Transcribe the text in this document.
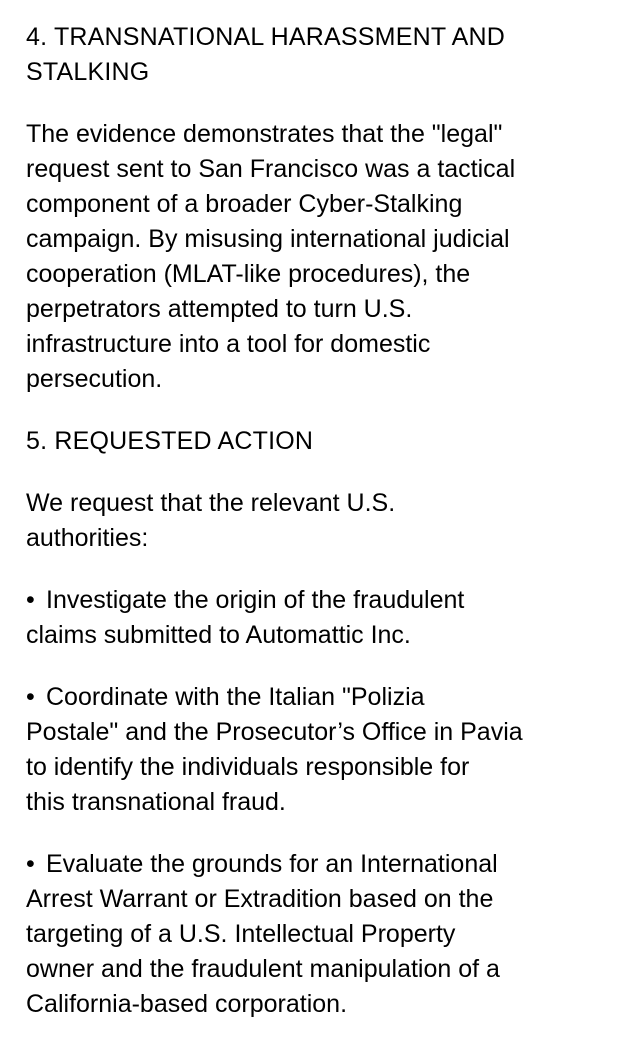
4. TRANSNATIONAL HARASSMENT AND
STALKING
The evidence demonstrates that the "legal"
request sent to San Francisco was a tactical
component of a broader Cyber-Stalking
campaign. By misusing international judicial
cooperation (MLAT-like procedures), the
perpetrators attempted to turn U.S.
infrastructure into a tool for domestic
persecution.
5. REQUESTED ACTION
We request that the relevant U.S.
authorities:
• Investigate the origin of the fraudulent
claims submitted to Automattic Inc.
• Coordinate with the Italian "Polizia
Postale" and the Prosecutor’s Office in Pavia
to identify the individuals responsible for
this transnational fraud.
• Evaluate the grounds for an International
Arrest Warrant or Extradition based on the
targeting of a U.S. Intellectual Property
owner and the fraudulent manipulation of a
California-based corporation.
